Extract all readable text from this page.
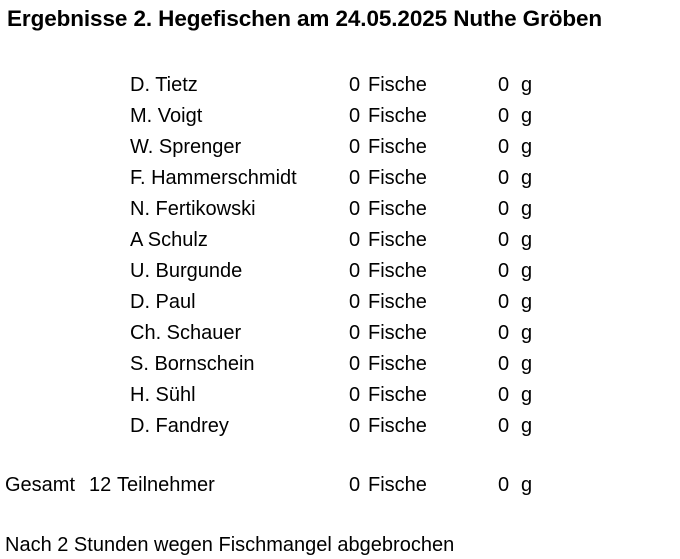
Ergebnisse 2. Hegefischen am 24.05.2025 Nuthe Gröben
D. Tietz	0 Fische	0 g
M. Voigt	0 Fische	0 g
W. Sprenger	0 Fische	0 g
F. Hammerschmidt	0 Fische	0 g
N. Fertikowski	0 Fische	0 g
A Schulz	0 Fische	0 g
U. Burgunde	0 Fische	0 g
D. Paul	0 Fische	0 g
Ch. Schauer	0 Fische	0 g
S. Bornschein	0 Fische	0 g
H. Sühl	0 Fische	0 g
D. Fandrey	0 Fische	0 g
Gesamt 12 Teilnehmer	0 Fische	0 g
Nach 2 Stunden wegen Fischmangel abgebrochen
